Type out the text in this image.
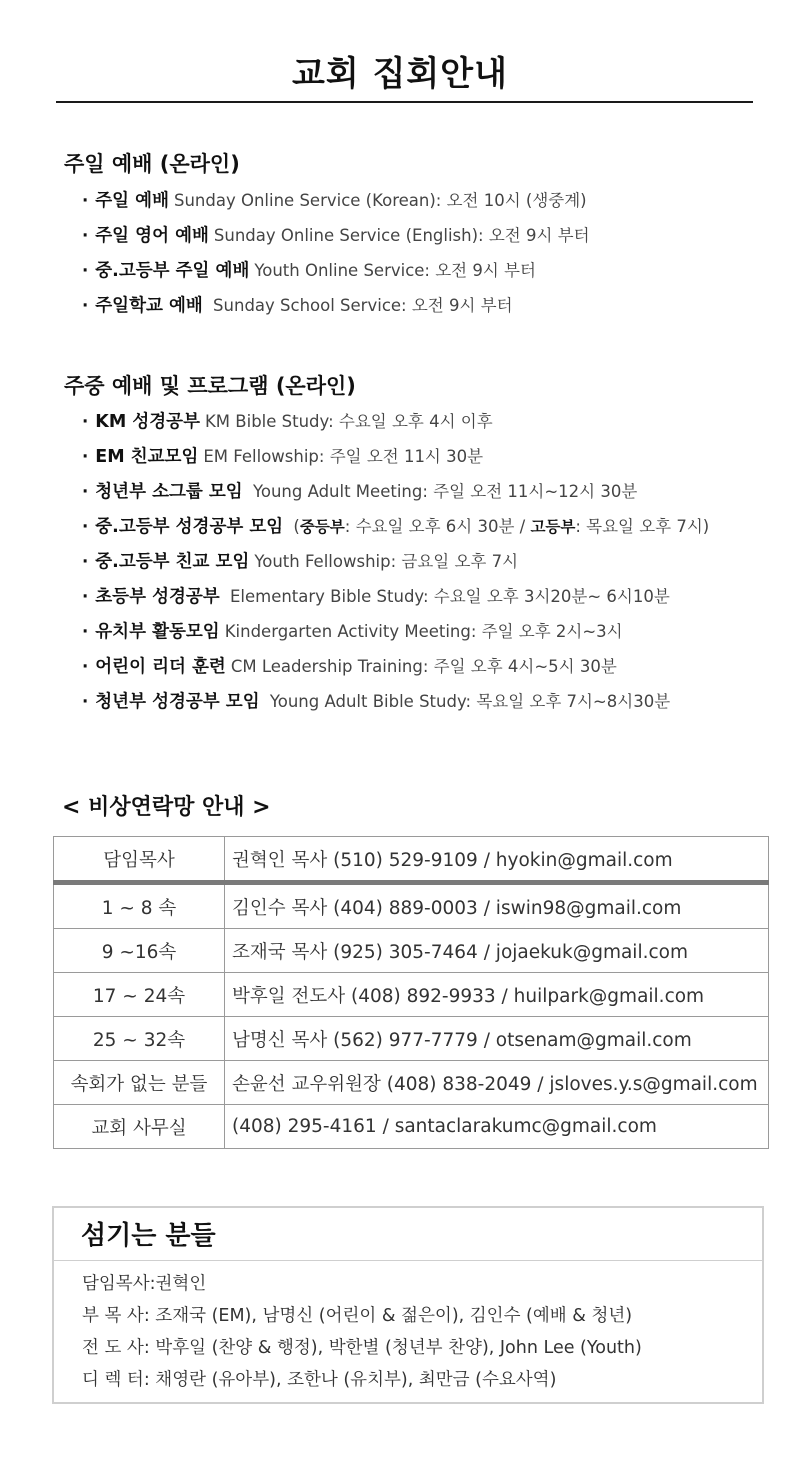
교회 집회안내
주일 예배 (온라인)
· 주일 예배 Sunday Online Service (Korean): 오전 10시 (생중계)
· 주일 영어 예배 Sunday Online Service (English): 오전 9시 부터
· 중.고등부 주일 예배 Youth Online Service: 오전 9시 부터
· 주일학교 예배 Sunday School Service: 오전 9시 부터
주중 예배 및 프로그램 (온라인)
· KM 성경공부 KM Bible Study: 수요일 오후 4시 이후
· EM 친교모임 EM Fellowship: 주일 오전 11시 30분
· 청년부 소그룹 모임 Young Adult Meeting: 주일 오전 11시~12시 30분
· 중.고등부 성경공부 모임 (중등부: 수요일 오후 6시 30분 / 고등부: 목요일 오후 7시)
· 중.고등부 친교 모임 Youth Fellowship: 금요일 오후 7시
· 초등부 성경공부 Elementary Bible Study: 수요일 오후 3시20분~ 6시10분
· 유치부 활동모임 Kindergarten Activity Meeting: 주일 오후 2시~3시
· 어린이 리더 훈련 CM Leadership Training: 주일 오후 4시~5시 30분
· 청년부 성경공부 모임 Young Adult Bible Study: 목요일 오후 7시~8시30분
< 비상연락망 안내 >
담임목사	권혁인 목사 (510) 529-9109 / hyokin@gmail.com
1 ~ 8 속	김인수 목사 (404) 889-0003 / iswin98@gmail.com
9 ~16속	조재국 목사 (925) 305-7464 / jojaekuk@gmail.com
17 ~ 24속	박후일 전도사 (408) 892-9933 / huilpark@gmail.com
25 ~ 32속	남명신 목사 (562) 977-7779 / otsenam@gmail.com
속회가 없는 분들	손윤선 교우위원장 (408) 838-2049 / jsloves.y.s@gmail.com
교회 사무실	(408) 295-4161 / santaclarakumc@gmail.com
섬기는 분들
담임목사:권혁인
부 목 사: 조재국 (EM), 남명신 (어린이 & 젊은이), 김인수 (예배 & 청년)
전 도 사: 박후일 (찬양 & 행정), 박한별 (청년부 찬양), John Lee (Youth)
디 렉 터: 채영란 (유아부), 조한나 (유치부), 최만금 (수요사역)
